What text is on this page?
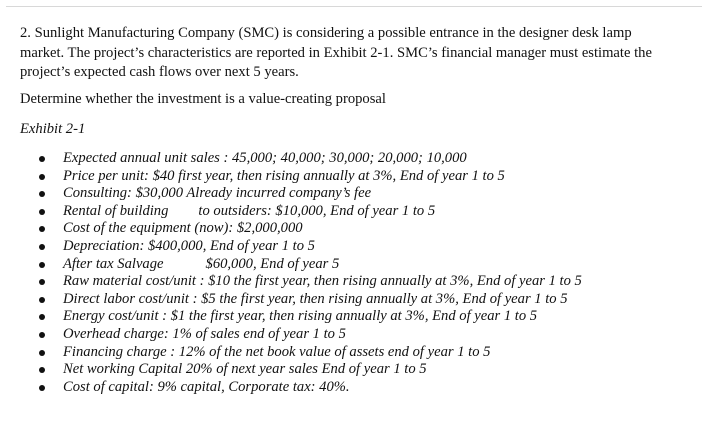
2. Sunlight Manufacturing Company (SMC) is considering a possible entrance in the designer desk lamp
market. The project’s characteristics are reported in Exhibit 2-1. SMC’s financial manager must estimate the
project’s expected cash flows over next 5 years.

Determine whether the investment is a value-creating proposal

Exhibit 2-1

Expected annual unit sales : 45,000; 40,000; 30,000; 20,000; 10,000
Price per unit: $40 first year, then rising annually at 3%, End of year 1 to 5
Consulting: $30,000 Already incurred company’s fee
Rental of building to outsiders: $10,000, End of year 1 to 5
Cost of the equipment (now): $2,000,000
Depreciation: $400,000, End of year 1 to 5
After tax Salvage	$60,000, End of year 5
Raw material cost/unit : $10 the first year, then rising annually at 3%, End of year 1 to 5
Direct labor cost/unit : $5 the first year, then rising annually at 3%, End of year 1 to 5
Energy cost/unit : $1 the first year, then rising annually at 3%, End of year 1 to 5
Overhead charge: 1% of sales end of year 1 to 5
Financing charge : 12% of the net book value of assets end of year 1 to 5
Net working Capital 20% of next year sales End of year 1 to 5
Cost of capital: 9% capital, Corporate tax: 40%.
